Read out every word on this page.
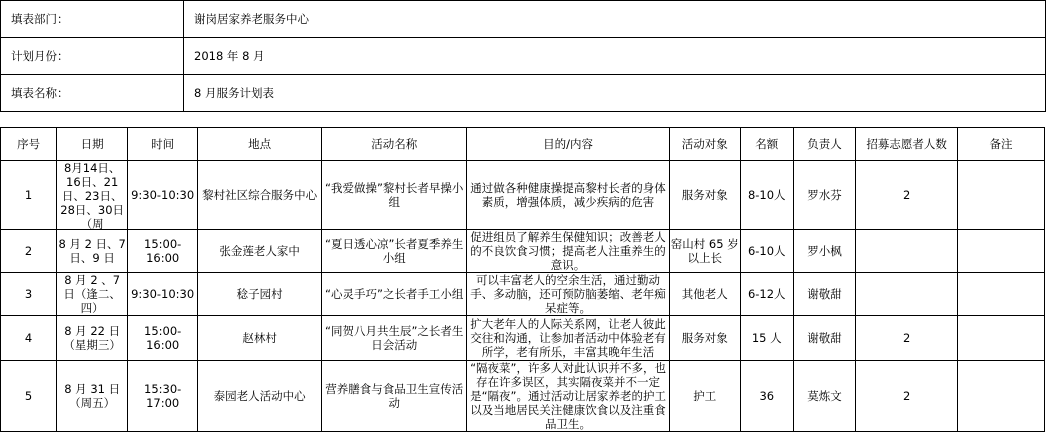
填表部门：	谢岗居家养老服务中心
计划月份：	2018 年 8 月
填表名称：	8 月服务计划表
序号	日期	时间	地点	活动名称	目的/内容	活动对象	名额	负责人	招募志愿者人数	备注
1	8月14日、16日、21日、23日、28日、30日（周	9:30-10:30	黎村社区综合服务中心	“我爱做操”黎村长者早操小组	通过做各种健康操提高黎村长者的身体素质，增强体质，减少疾病的危害	服务对象	8-10人	罗水芬	2	
2	8 月 2 日、7 日、9 日	15:00-16:00	张金莲老人家中	“夏日透心凉”长者夏季养生小组	促进组员了解养生保健知识；改善老人的不良饮食习惯；提高老人注重养生的意识。	窑山村 65 岁以上长	6-10人	罗小枫		
3	8 月 2 、7 日（逢二、四）	9:30-10:30	稔子园村	“心灵手巧”之长者手工小组	可以丰富老人的空余生活，通过勤动手、多动脑，还可预防脑萎缩、老年痴呆症等。	其他老人	6-12人	谢敬甜		
4	8 月 22 日（星期三）	15:00-16:00	赵林村	“同贺八月共生辰”之长者生日会活动	扩大老年人的人际关系网，让老人彼此交往和沟通，让参加者活动中体验老有所学，老有所乐，丰富其晚年生活	服务对象	15 人	谢敬甜	2	
5	8 月 31 日（周五）	15:30-17:00	泰园老人活动中心	营养膳食与食品卫生宣传活动	“隔夜菜”，许多人对此认识并不多，也存在许多误区，其实隔夜菜并不一定是“隔夜”。通过活动让居家养老的护工以及当地居民关注健康饮食以及注重食品卫生。	护工	36	莫炼文	2	
